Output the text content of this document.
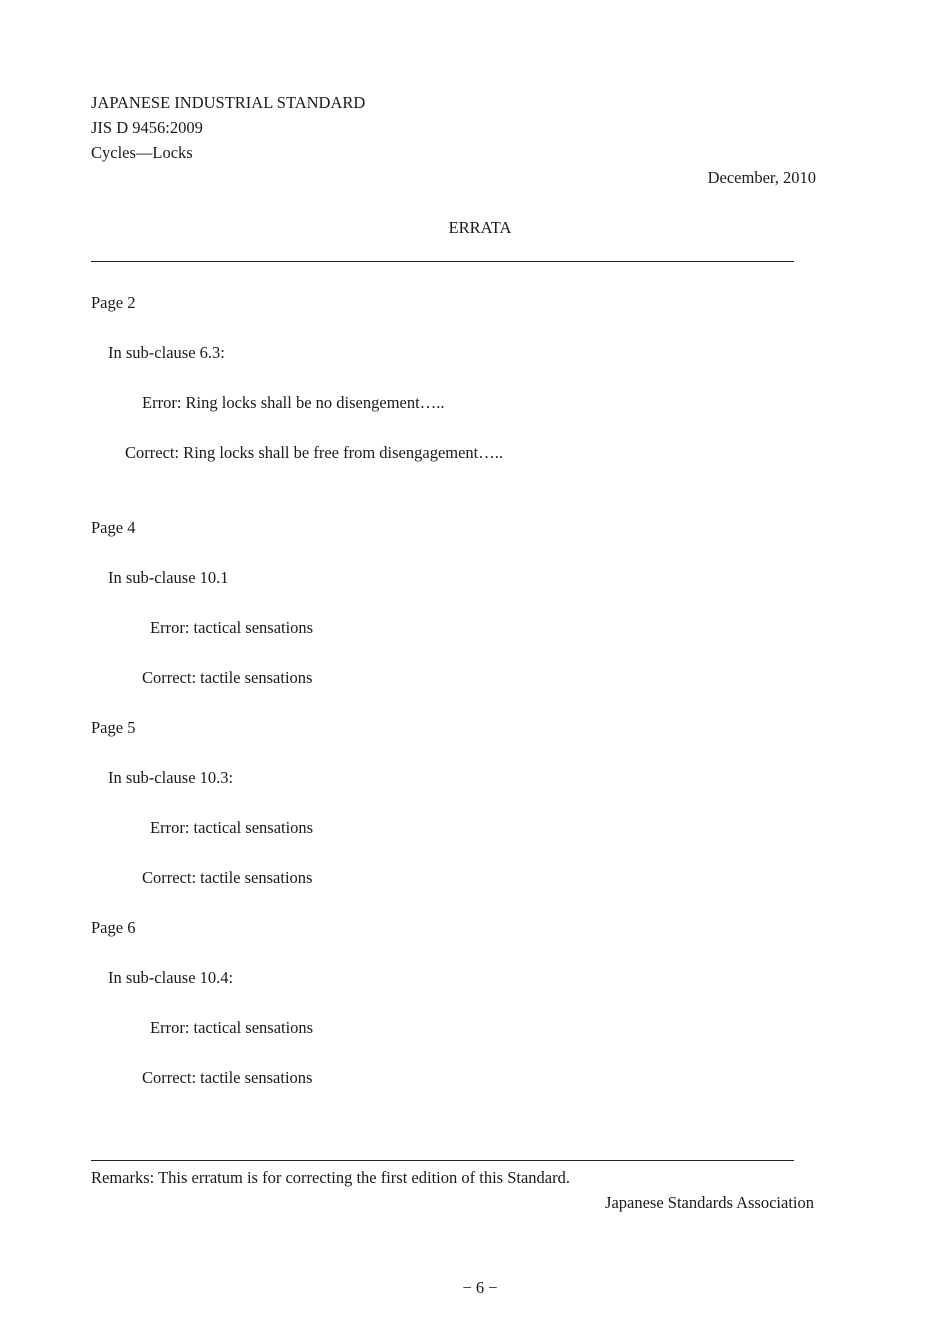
JAPANESE INDUSTRIAL STANDARD
JIS D 9456:2009
Cycles—Locks
December, 2010
ERRATA
Page 2
In sub-clause 6.3:
Error: Ring locks shall be no disengement…..
Correct: Ring locks shall be free from disengagement…..
Page 4
In sub-clause 10.1
Error: tactical sensations
Correct: tactile sensations
Page 5
In sub-clause 10.3:
Error: tactical sensations
Correct: tactile sensations
Page 6
In sub-clause 10.4:
Error: tactical sensations
Correct: tactile sensations
Remarks: This erratum is for correcting the first edition of this Standard.
Japanese Standards Association
− 6 −
